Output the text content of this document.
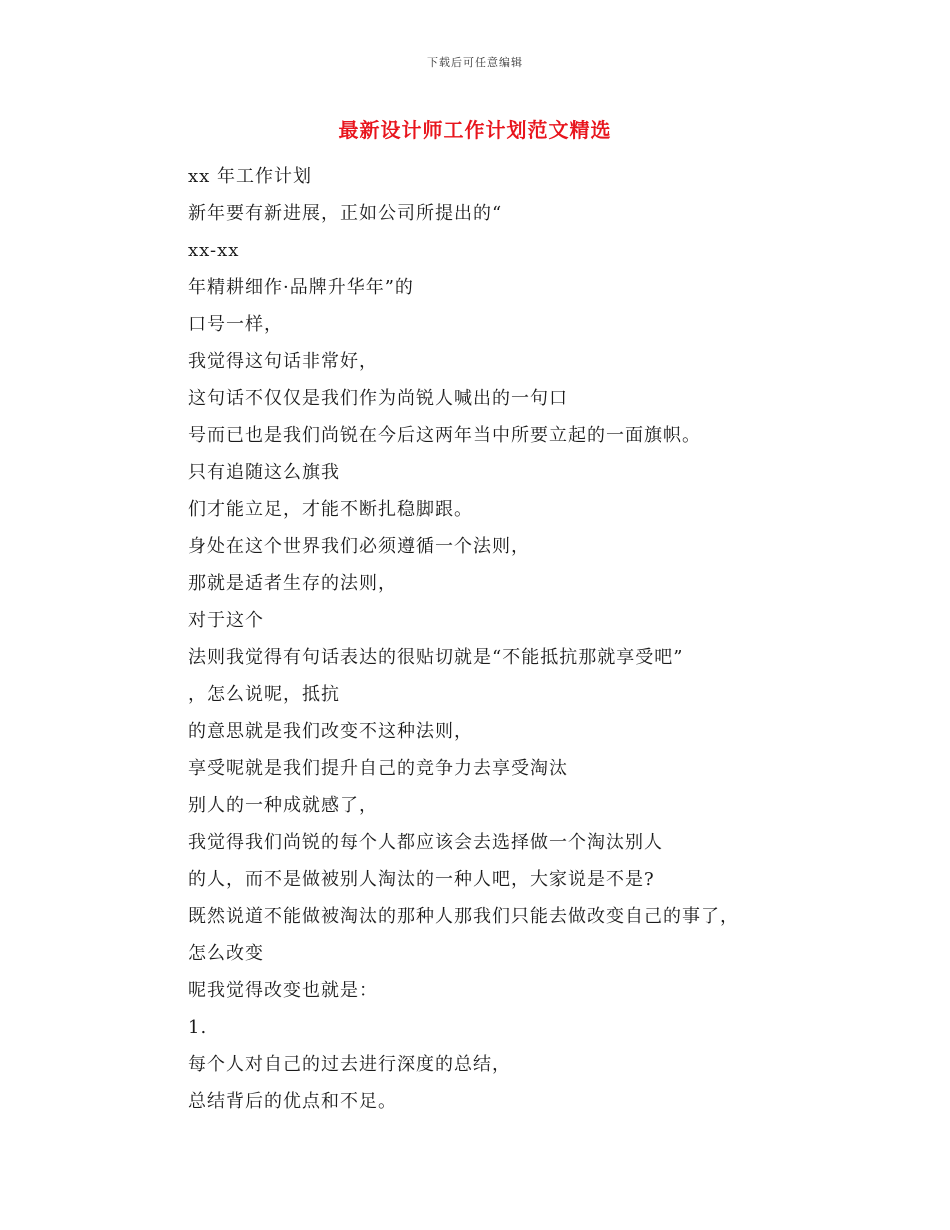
下载后可任意编辑
最新设计师工作计划范文精选
xx 年工作计划
新年要有新进展，正如公司所提出的“
xx-xx
年精耕细作·品牌升华年”的
口号一样，
我觉得这句话非常好，
这句话不仅仅是我们作为尚锐人喊出的一句口
号而已也是我们尚锐在今后这两年当中所要立起的一面旗帜。
只有追随这么旗我
们才能立足，才能不断扎稳脚跟。
身处在这个世界我们必须遵循一个法则，
那就是适者生存的法则，
对于这个
法则我觉得有句话表达的很贴切就是“不能抵抗那就享受吧”
，怎么说呢，抵抗
的意思就是我们改变不这种法则，
享受呢就是我们提升自己的竞争力去享受淘汰
别人的一种成就感了，
我觉得我们尚锐的每个人都应该会去选择做一个淘汰别人
的人，而不是做被别人淘汰的一种人吧，大家说是不是?
既然说道不能做被淘汰的那种人那我们只能去做改变自己的事了，
怎么改变
呢我觉得改变也就是：
1.
每个人对自己的过去进行深度的总结，
总结背后的优点和不足。
